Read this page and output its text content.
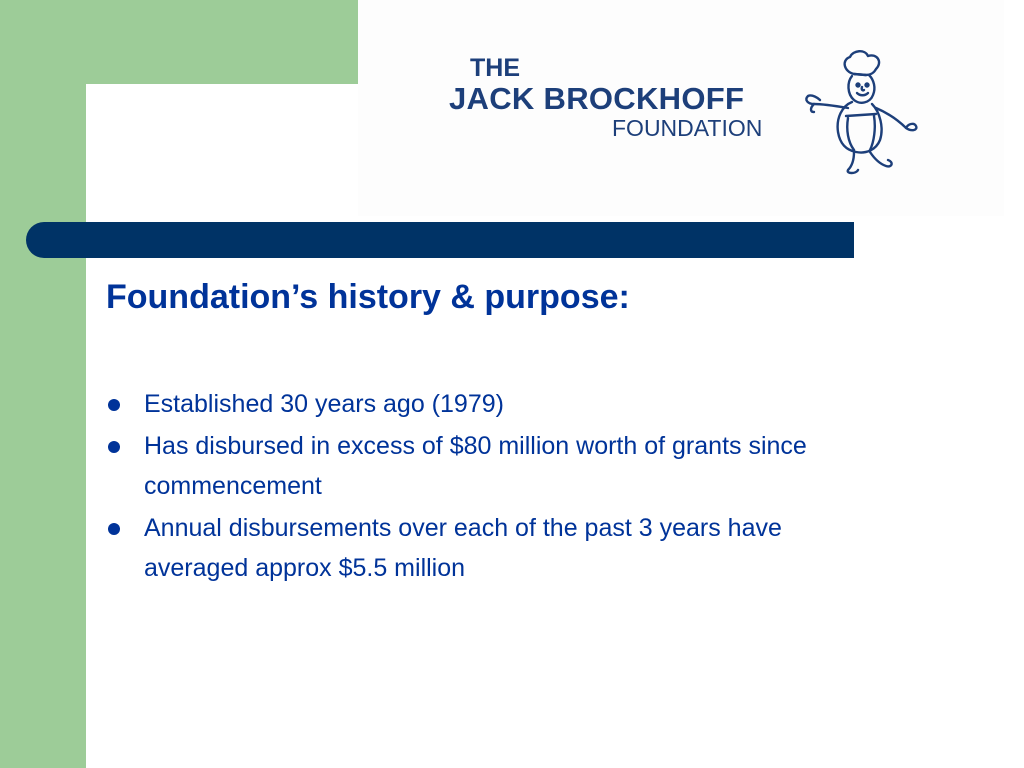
THE
JACK BROCKHOFF
FOUNDATION
Foundation’s history & purpose:
Established 30 years ago (1979)
Has disbursed in excess of $80 million worth of grants since commencement
Annual disbursements over each of the past 3 years have averaged approx $5.5 million
